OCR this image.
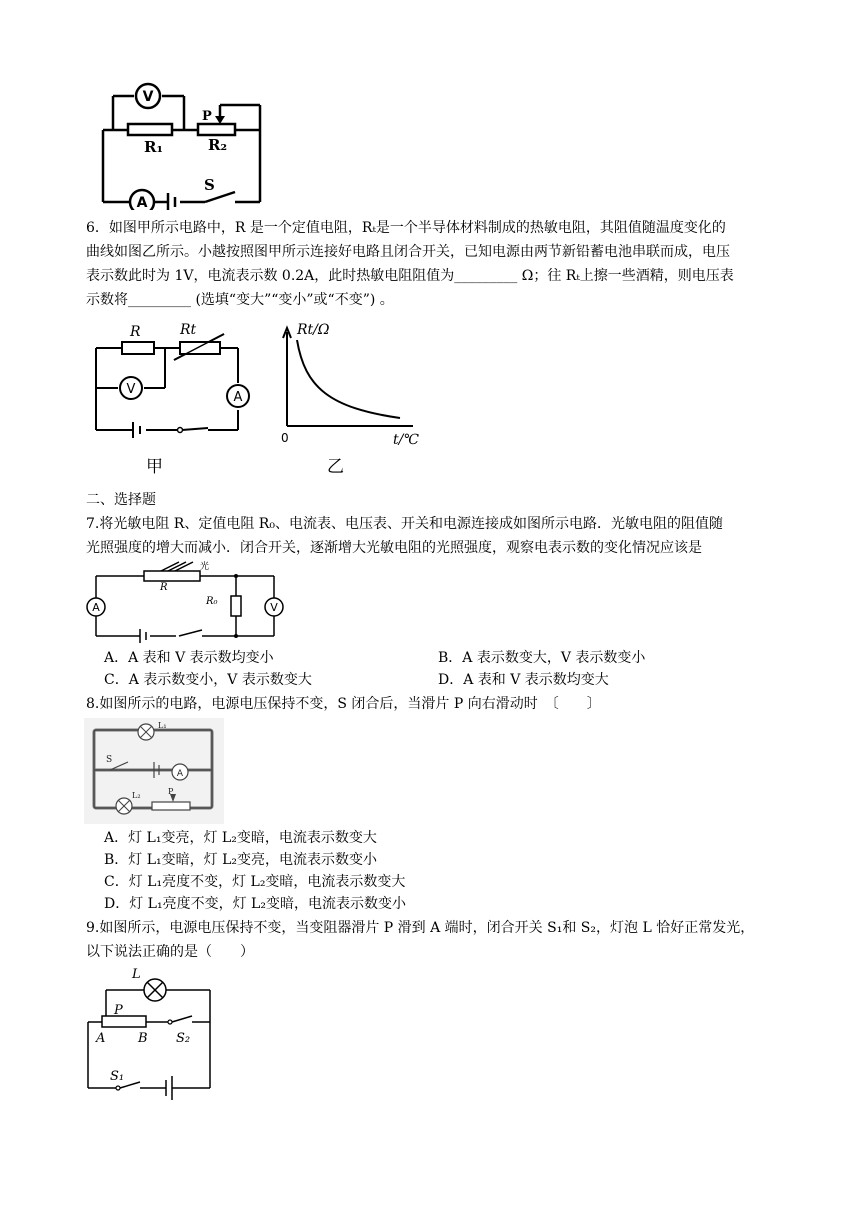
V
A
R₁	R₂
P
S
6．如图甲所示电路中，R 是一个定值电阻，Rₜ是一个半导体材料制成的热敏电阻，其阻值随温度变化的
曲线如图乙所示。小越按照图甲所示连接好电路且闭合开关，已知电源由两节新铅蓄电池串联而成，电压
表示数此时为 1V，电流表示数 0.2A，此时热敏电阻阻值为_________ Ω；往 Rₜ上擦一些酒精，则电压表
示数将_________ (选填“变大”“变小”或“不变”) 。
V
A
R	Rt
甲
0
Rt/Ω
t/℃
乙
二、选择题
7.将光敏电阻 R、定值电阻 R₀、电流表、电压表、开关和电源连接成如图所示电路．光敏电阻的阻值随
光照强度的增大而减小．闭合开关，逐渐增大光敏电阻的光照强度，观察电表示数的变化情况应该是
A	V
R
R₀
光
A．A 表和 V 表示数均变小	B．A 表示数变大，V 表示数变小
C．A 表示数变小，V 表示数变大	D．A 表和 V 表示数均变大
8.如图所示的电路，电源电压保持不变，S 闭合后，当滑片 P 向右滑动时　〔　　〕
A
L₁
L₂
S
P
A．灯 L₁变亮，灯 L₂变暗，电流表示数变大
B．灯 L₁变暗，灯 L₂变亮，电流表示数变小
C．灯 L₁亮度不变，灯 L₂变暗，电流表示数变大
D．灯 L₁亮度不变，灯 L₂变暗，电流表示数变小
9.如图所示，电源电压保持不变，当变阻器滑片 P 滑到 A 端时，闭合开关 S₁和 S₂，灯泡 L 恰好正常发光，
以下说法正确的是（　　）
L
P
A	B S₂
S₁
